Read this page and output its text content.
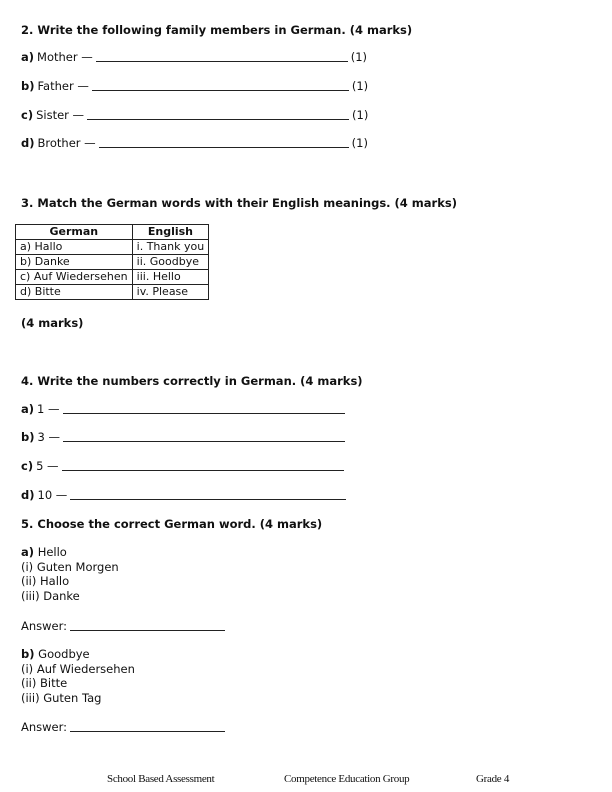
2. Write the following family members in German. (4 marks)
a) Mother —	(1)
b) Father —	(1)
c) Sister —	(1)
d) Brother —	(1)
3. Match the German words with their English meanings. (4 marks)
German	English
a) Hallo	i. Thank you
b) Danke	ii. Goodbye
c) Auf Wiedersehen	iii. Hello
d) Bitte	iv. Please
(4 marks)
4. Write the numbers correctly in German. (4 marks)
a) 1 —
b) 3 —
c) 5 —
d) 10 —
5. Choose the correct German word. (4 marks)
a) Hello
(i) Guten Morgen
(ii) Hallo
(iii) Danke
Answer:
b) Goodbye
(i) Auf Wiedersehen
(ii) Bitte
(iii) Guten Tag
Answer:
School Based Assessment	Competence Education Group	Grade 4
